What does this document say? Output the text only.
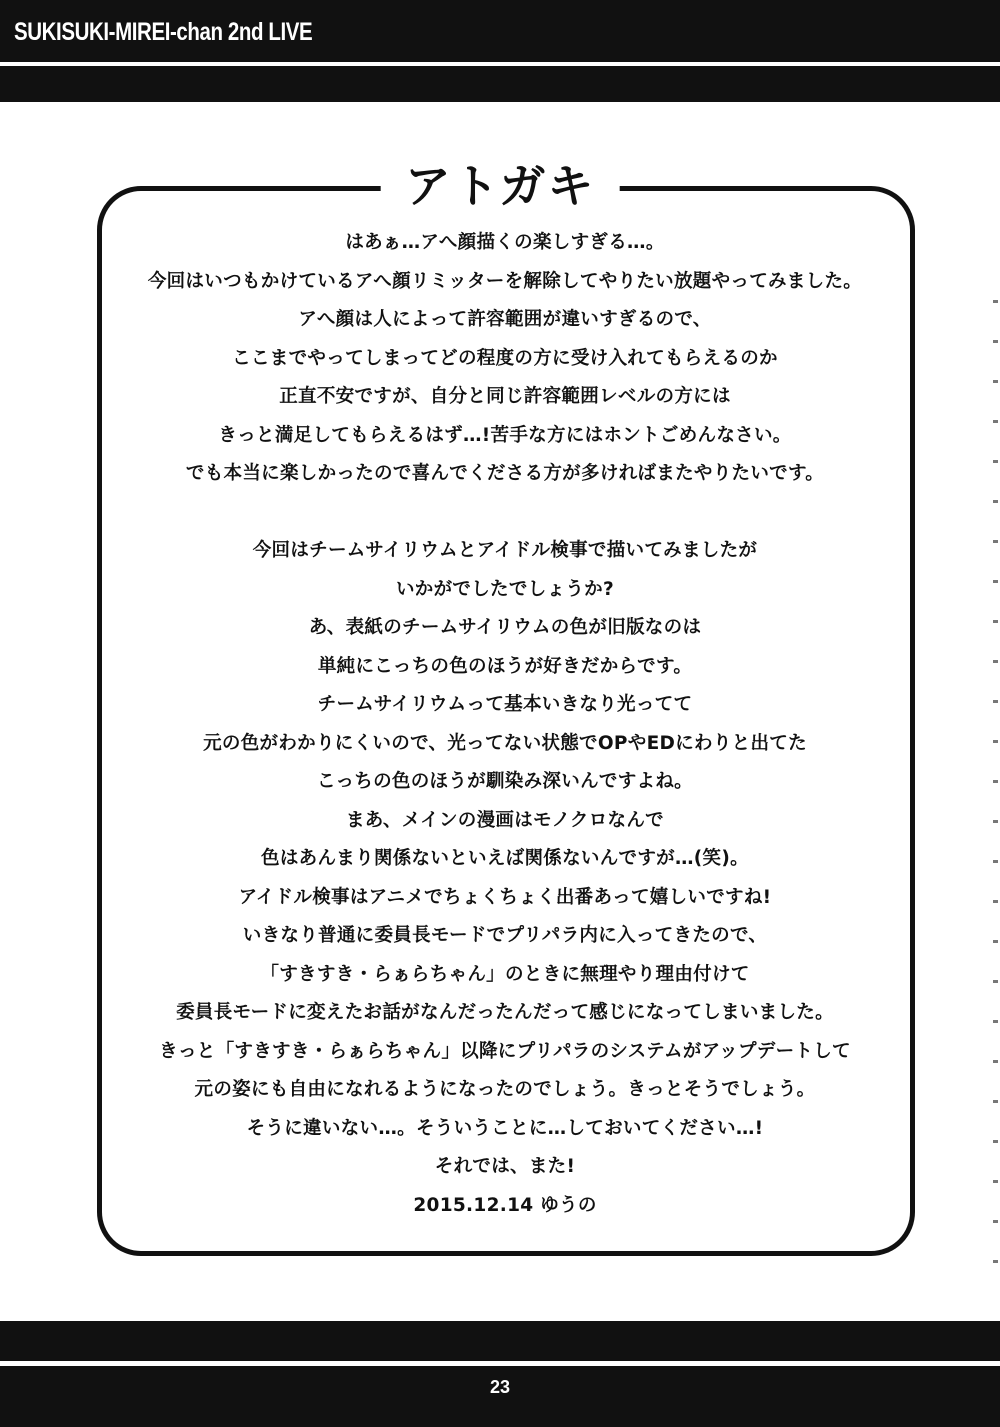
SUKISUKI-MIREI-chan 2nd LIVE
アトガキ
はあぁ…アへ顔描くの楽しすぎる…。
今回はいつもかけているアへ顔リミッターを解除してやりたい放題やってみました。
アへ顔は人によって許容範囲が違いすぎるので、
ここまでやってしまってどの程度の方に受け入れてもらえるのか
正直不安ですが、自分と同じ許容範囲レベルの方には
きっと満足してもらえるはず…!苦手な方にはホントごめんなさい。
でも本当に楽しかったので喜んでくださる方が多ければまたやりたいです。
今回はチームサイリウムとアイドル検事で描いてみましたが
いかがでしたでしょうか?
あ、表紙のチームサイリウムの色が旧版なのは
単純にこっちの色のほうが好きだからです。
チームサイリウムって基本いきなり光ってて
元の色がわかりにくいので、光ってない状態でOPやEDにわりと出てた
こっちの色のほうが馴染み深いんですよね。
まあ、メインの漫画はモノクロなんで
色はあんまり関係ないといえば関係ないんですが…(笑)。
アイドル検事はアニメでちょくちょく出番あって嬉しいですね!
いきなり普通に委員長モードでプリパラ内に入ってきたので、
「すきすき・らぁらちゃん」のときに無理やり理由付けて
委員長モードに変えたお話がなんだったんだって感じになってしまいました。
きっと「すきすき・らぁらちゃん」以降にプリパラのシステムがアップデートして
元の姿にも自由になれるようになったのでしょう。きっとそうでしょう。
そうに違いない…。そういうことに…しておいてください…!
それでは、また!
2015.12.14 ゆうの
23
